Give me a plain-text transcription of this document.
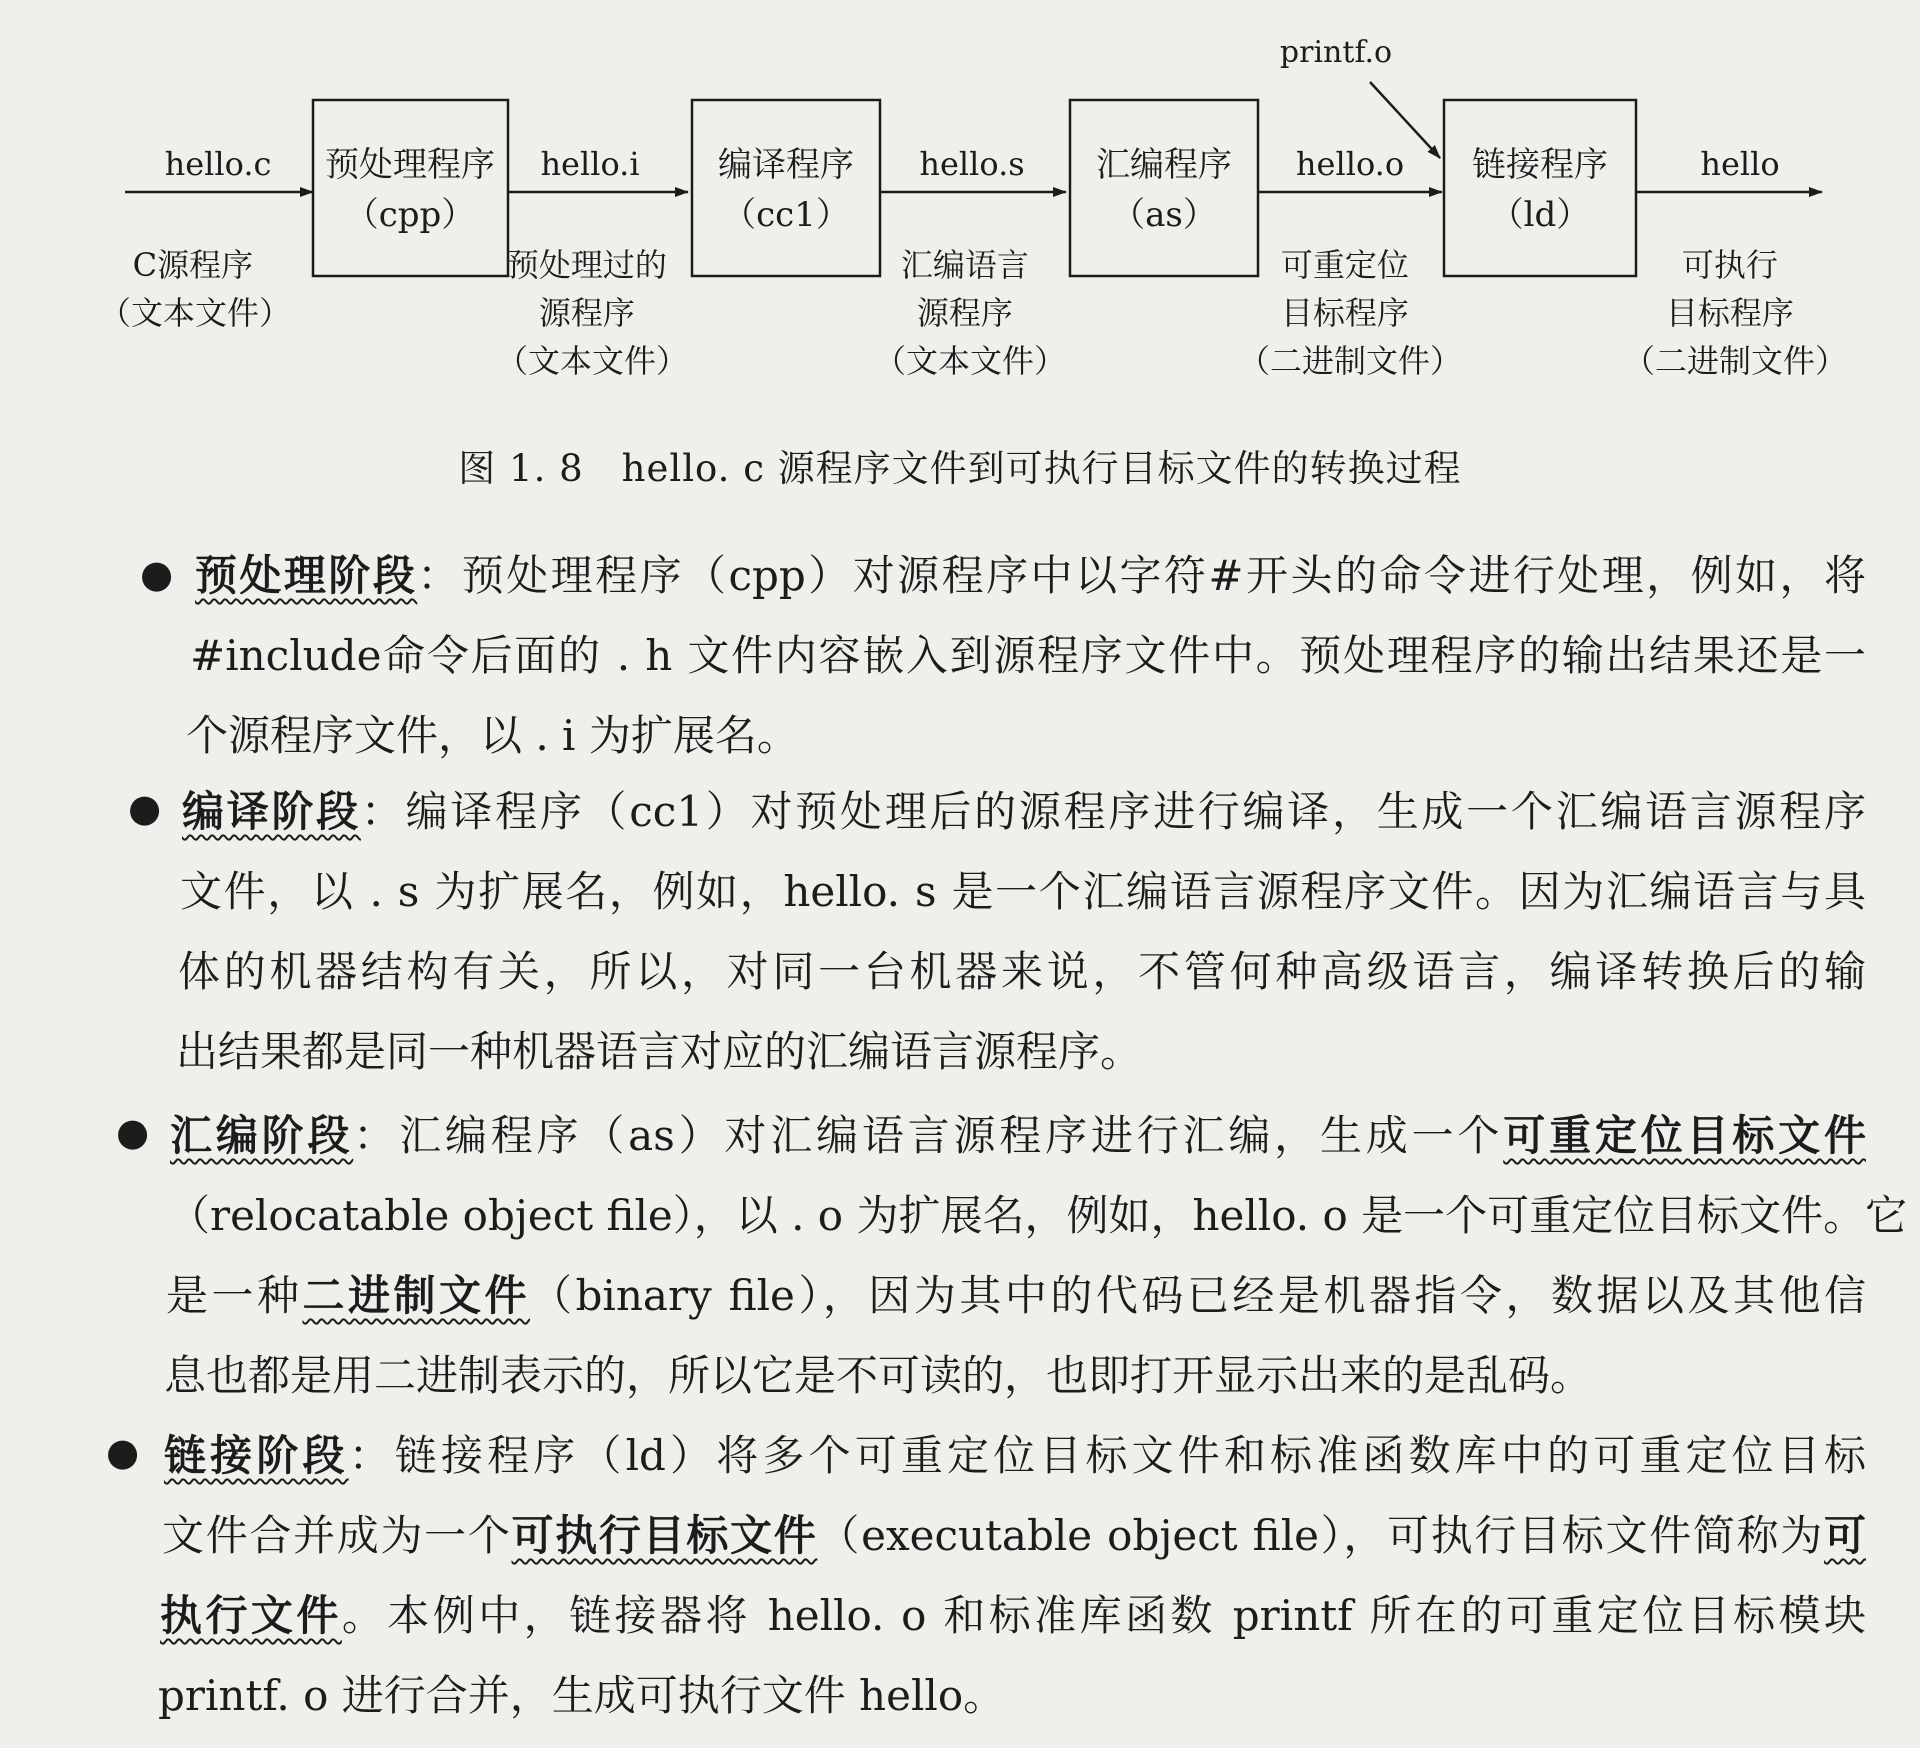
预处理程序
（cpp）
编译程序
（cc1）
汇编程序
（as）
链接程序
（ld）
hello.c	hello.i	hello.s	hello.o	hello
printf.o
C源程序 （文本文件）
预处理过的 源程序 （文本文件）
汇编语言 源程序 （文本文件）
可重定位 目标程序 （二进制文件）
可执行 目标程序 （二进制文件）
图 1. 8　hello. c 源程序文件到可执行目标文件的转换过程
● 预处理阶段：预处理程序（cpp）对源程序中以字符#开头的命令进行处理，例如，将
#include命令后面的 . h 文件内容嵌入到源程序文件中。预处理程序的输出结果还是一
个源程序文件，以 . i 为扩展名。
● 编译阶段：编译程序（cc1）对预处理后的源程序进行编译，生成一个汇编语言源程序
文件，以 . s 为扩展名，例如，hello. s 是一个汇编语言源程序文件。因为汇编语言与具
体的机器结构有关，所以，对同一台机器来说，不管何种高级语言，编译转换后的输
出结果都是同一种机器语言对应的汇编语言源程序。
● 汇编阶段：汇编程序（as）对汇编语言源程序进行汇编，生成一个可重定位目标文件
（relocatable object file），以 . o 为扩展名，例如，hello. o 是一个可重定位目标文件。它
是一种二进制文件（binary file），因为其中的代码已经是机器指令，数据以及其他信
息也都是用二进制表示的，所以它是不可读的，也即打开显示出来的是乱码。
● 链接阶段：链接程序（ld）将多个可重定位目标文件和标准函数库中的可重定位目标
文件合并成为一个可执行目标文件（executable object file），可执行目标文件简称为可
执行文件。本例中，链接器将 hello. o 和标准库函数 printf 所在的可重定位目标模块
printf. o 进行合并，生成可执行文件 hello。
